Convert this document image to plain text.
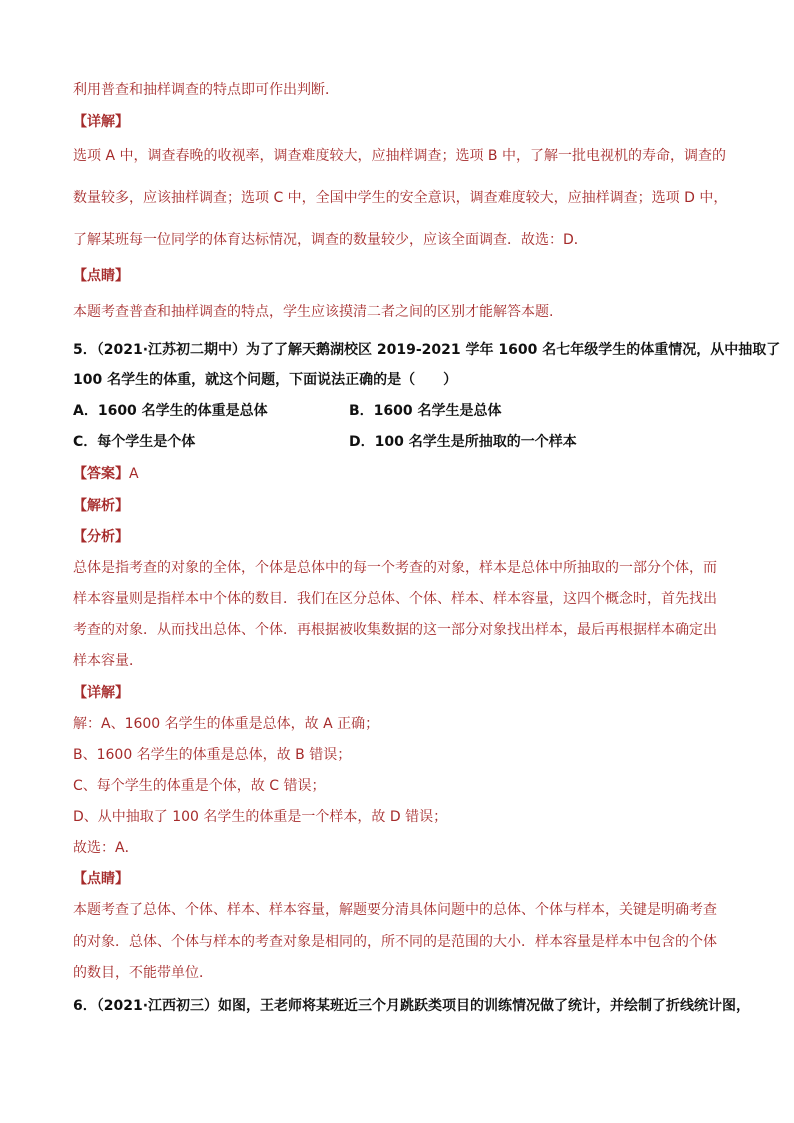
利用普查和抽样调查的特点即可作出判断．
【详解】
选项 A 中，调查春晚的收视率，调查难度较大，应抽样调查；选项 B 中，了解一批电视机的寿命，调查的
数量较多，应该抽样调查；选项 C 中，全国中学生的安全意识，调查难度较大，应抽样调查；选项 D 中，
了解某班每一位同学的体育达标情况，调查的数量较少，应该全面调查．故选：D．
【点睛】
本题考查普查和抽样调查的特点，学生应该摸清二者之间的区别才能解答本题.
5．（2021·江苏初二期中）为了了解天鹅湖校区 2019-2021 学年 1600 名七年级学生的体重情况，从中抽取了
100 名学生的体重，就这个问题，下面说法正确的是（　　）
A．1600 名学生的体重是总体	B．1600 名学生是总体
C．每个学生是个体	D．100 名学生是所抽取的一个样本
【答案】A
【解析】
【分析】
总体是指考查的对象的全体，个体是总体中的每一个考查的对象，样本是总体中所抽取的一部分个体，而
样本容量则是指样本中个体的数目．我们在区分总体、个体、样本、样本容量，这四个概念时，首先找出
考查的对象．从而找出总体、个体．再根据被收集数据的这一部分对象找出样本，最后再根据样本确定出
样本容量．
【详解】
解：A、1600 名学生的体重是总体，故 A 正确；
B、1600 名学生的体重是总体，故 B 错误；
C、每个学生的体重是个体，故 C 错误；
D、从中抽取了 100 名学生的体重是一个样本，故 D 错误；
故选：A．
【点睛】
本题考查了总体、个体、样本、样本容量，解题要分清具体问题中的总体、个体与样本，关键是明确考查
的对象．总体、个体与样本的考查对象是相同的，所不同的是范围的大小．样本容量是样本中包含的个体
的数目，不能带单位．
6．（2021·江西初三）如图，王老师将某班近三个月跳跃类项目的训练情况做了统计，并绘制了折线统计图，
